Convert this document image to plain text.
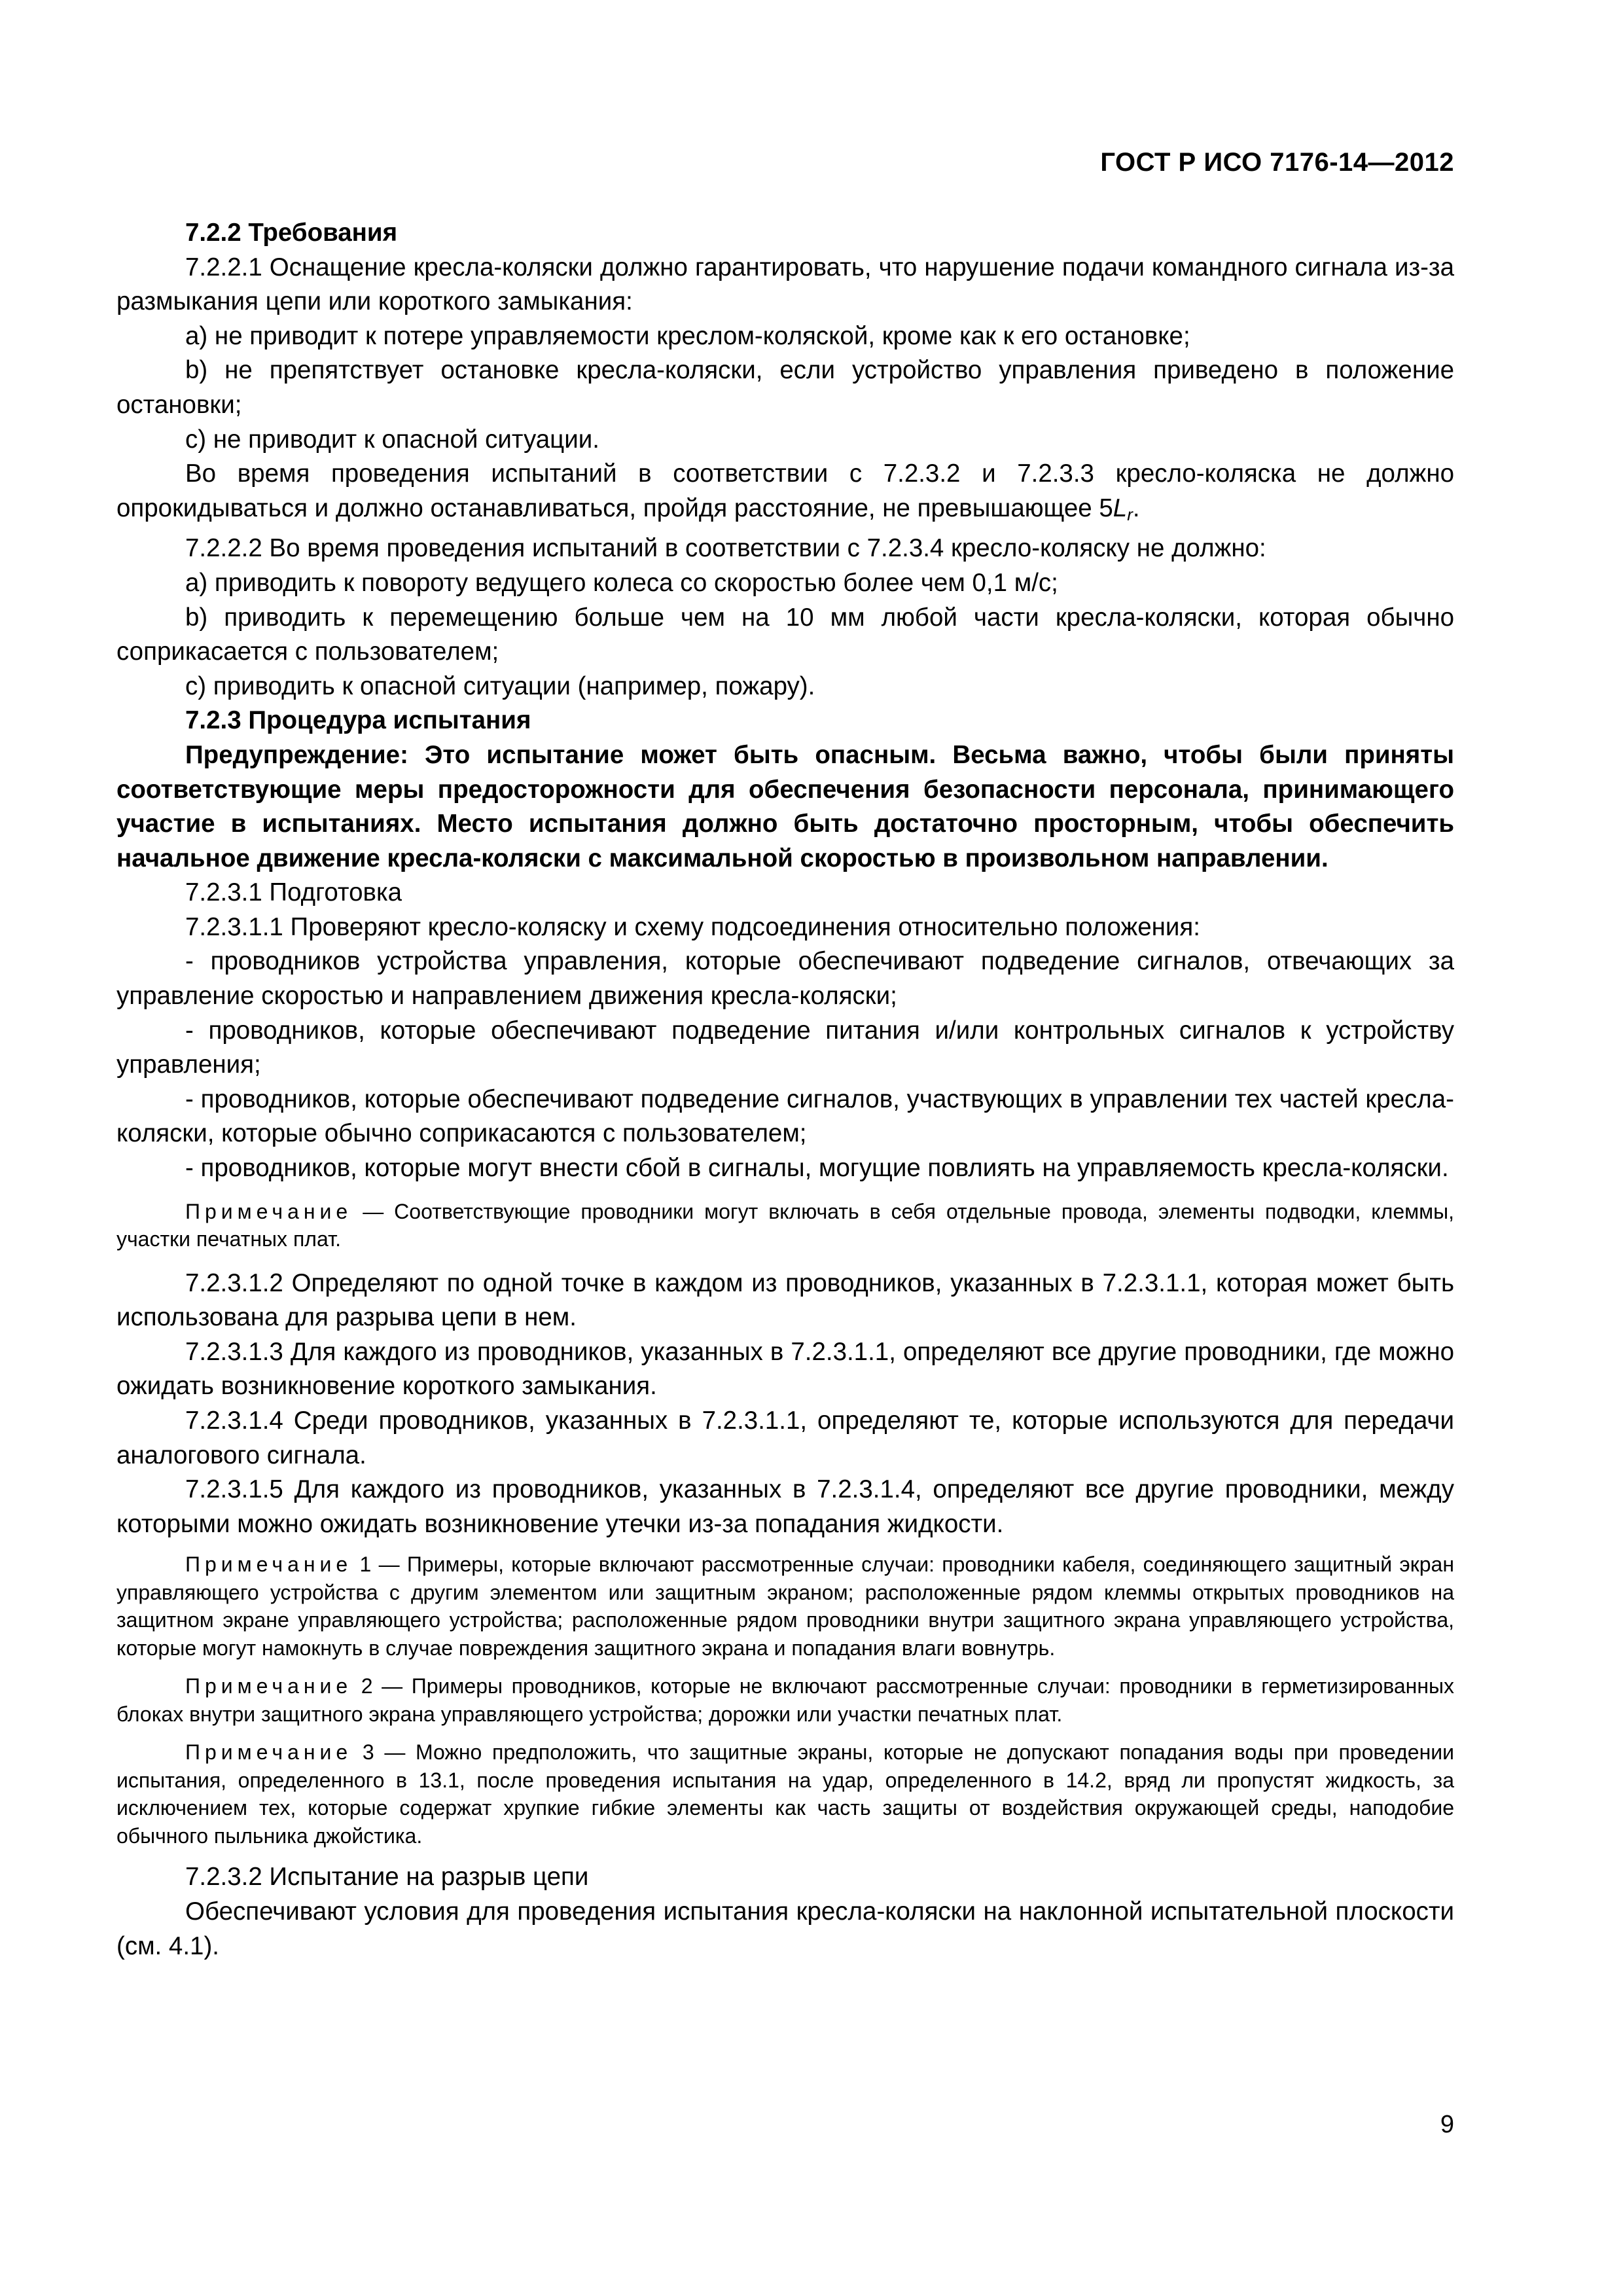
ГОСТ Р ИСО 7176-14—2012

7.2.2 Требования

7.2.2.1 Оснащение кресла-коляски должно гарантировать, что нарушение подачи командного сигнала из-за размыкания цепи или короткого замыкания:

a) не приводит к потере управляемости креслом-коляской, кроме как к его остановке;

b) не препятствует остановке кресла-коляски, если устройство управления приведено в положение остановки;

c) не приводит к опасной ситуации.

Во время проведения испытаний в соответствии с 7.2.3.2 и 7.2.3.3 кресло-коляска не должно опрокидываться и должно останавливаться, пройдя расстояние, не превышающее $5L_r$.

7.2.2.2 Во время проведения испытаний в соответствии с 7.2.3.4 кресло-коляску не должно:

a) приводить к повороту ведущего колеса со скоростью более чем 0,1 м/с;

b) приводить к перемещению больше чем на 10 мм любой части кресла-коляски, которая обычно соприкасается с пользователем;

c) приводить к опасной ситуации (например, пожару).

7.2.3 Процедура испытания

Предупреждение: Это испытание может быть опасным. Весьма важно, чтобы были приняты соответствующие меры предосторожности для обеспечения безопасности персонала, принимающего участие в испытаниях. Место испытания должно быть достаточно просторным, чтобы обеспечить начальное движение кресла-коляски с максимальной скоростью в произвольном направлении.

7.2.3.1 Подготовка

7.2.3.1.1 Проверяют кресло-коляску и схему подсоединения относительно положения:

- проводников устройства управления, которые обеспечивают подведение сигналов, отвечающих за управление скоростью и направлением движения кресла-коляски;

- проводников, которые обеспечивают подведение питания и/или контрольных сигналов к устройству управления;

- проводников, которые обеспечивают подведение сигналов, участвующих в управлении тех частей кресла-коляски, которые обычно соприкасаются с пользователем;

- проводников, которые могут внести сбой в сигналы, могущие повлиять на управляемость кресла-коляски.

Примечание — Соответствующие проводники могут включать в себя отдельные провода, элементы подводки, клеммы, участки печатных плат.

7.2.3.1.2 Определяют по одной точке в каждом из проводников, указанных в 7.2.3.1.1, которая может быть использована для разрыва цепи в нем.

7.2.3.1.3 Для каждого из проводников, указанных в 7.2.3.1.1, определяют все другие проводники, где можно ожидать возникновение короткого замыкания.

7.2.3.1.4 Среди проводников, указанных в 7.2.3.1.1, определяют те, которые используются для передачи аналогового сигнала.

7.2.3.1.5 Для каждого из проводников, указанных в 7.2.3.1.4, определяют все другие проводники, между которыми можно ожидать возникновение утечки из-за попадания жидкости.

Примечание 1 — Примеры, которые включают рассмотренные случаи: проводники кабеля, соединяющего защитный экран управляющего устройства с другим элементом или защитным экраном; расположенные рядом клеммы открытых проводников на защитном экране управляющего устройства; расположенные рядом проводники внутри защитного экрана управляющего устройства, которые могут намокнуть в случае повреждения защитного экрана и попадания влаги вовнутрь.

Примечание 2 — Примеры проводников, которые не включают рассмотренные случаи: проводники в герметизированных блоках внутри защитного экрана управляющего устройства; дорожки или участки печатных плат.

Примечание 3 — Можно предположить, что защитные экраны, которые не допускают попадания воды при проведении испытания, определенного в 13.1, после проведения испытания на удар, определенного в 14.2, вряд ли пропустят жидкость, за исключением тех, которые содержат хрупкие гибкие элементы как часть защиты от воздействия окружающей среды, наподобие обычного пыльника джойстика.

7.2.3.2 Испытание на разрыв цепи

Обеспечивают условия для проведения испытания кресла-коляски на наклонной испытательной плоскости (см. 4.1).

9
